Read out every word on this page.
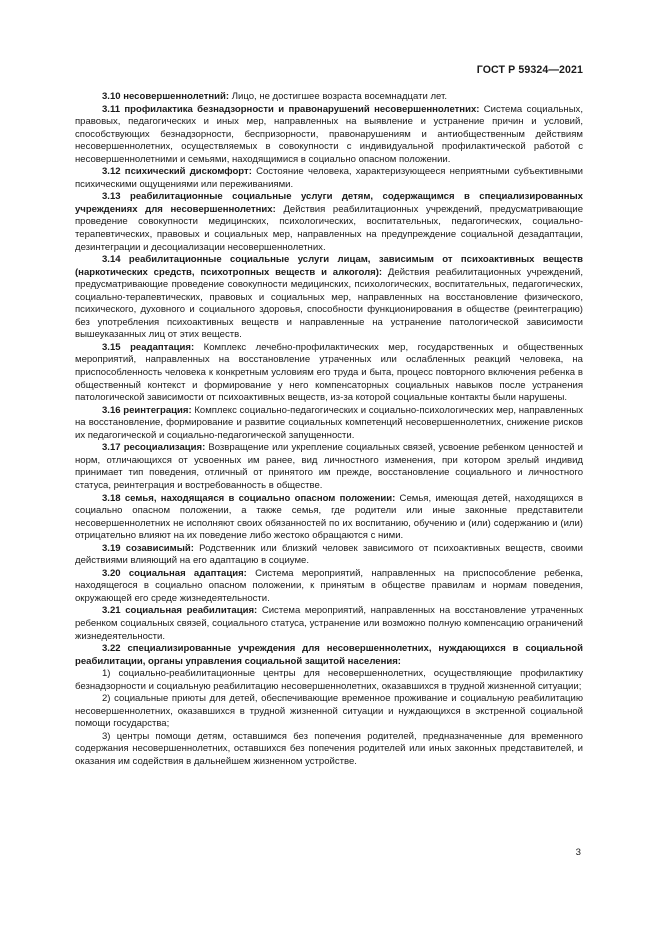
ГОСТ Р 59324—2021

3.10 несовершеннолетний: Лицо, не достигшее возраста восемнадцати лет.

3.11 профилактика безнадзорности и правонарушений несовершеннолетних: Система социальных, правовых, педагогических и иных мер, направленных на выявление и устранение причин и условий, способствующих безнадзорности, беспризорности, правонарушениям и антиобщественным действиям несовершеннолетних, осуществляемых в совокупности с индивидуальной профилактической работой с несовершеннолетними и семьями, находящимися в социально опасном положении.

3.12 психический дискомфорт: Состояние человека, характеризующееся неприятными субъективными психическими ощущениями или переживаниями.

3.13 реабилитационные социальные услуги детям, содержащимся в специализированных учреждениях для несовершеннолетних: Действия реабилитационных учреждений, предусматривающие проведение совокупности медицинских, психологических, воспитательных, педагогических, социально-терапевтических, правовых и социальных мер, направленных на предупреждение социальной дезадаптации, дезинтеграции и десоциализации несовершеннолетних.

3.14 реабилитационные социальные услуги лицам, зависимым от психоактивных веществ (наркотических средств, психотропных веществ и алкоголя): Действия реабилитационных учреждений, предусматривающие проведение совокупности медицинских, психологических, воспитательных, педагогических, социально-терапевтических, правовых и социальных мер, направленных на восстановление физического, психического, духовного и социального здоровья, способности функционирования в обществе (реинтеграцию) без употребления психоактивных веществ и направленные на устранение патологической зависимости вышеуказанных лиц от этих веществ.

3.15 реадаптация: Комплекс лечебно-профилактических мер, государственных и общественных мероприятий, направленных на восстановление утраченных или ослабленных реакций человека, на приспособленность человека к конкретным условиям его труда и быта, процесс повторного включения ребенка в общественный контекст и формирование у него компенсаторных социальных навыков после устранения патологической зависимости от психоактивных веществ, из-за которой социальные контакты были нарушены.

3.16 реинтеграция: Комплекс социально-педагогических и социально-психологических мер, направленных на восстановление, формирование и развитие социальных компетенций несовершеннолетних, снижение рисков их педагогической и социально-педагогической запущенности.

3.17 ресоциализация: Возвращение или укрепление социальных связей, усвоение ребенком ценностей и норм, отличающихся от усвоенных им ранее, вид личностного изменения, при котором зрелый индивид принимает тип поведения, отличный от принятого им прежде, восстановление социального и личностного статуса, реинтеграция и востребованность в обществе.

3.18 семья, находящаяся в социально опасном положении: Семья, имеющая детей, находящихся в социально опасном положении, а также семья, где родители или иные законные представители несовершеннолетних не исполняют своих обязанностей по их воспитанию, обучению и (или) содержанию и (или) отрицательно влияют на их поведение либо жестоко обращаются с ними.

3.19 созависимый: Родственник или близкий человек зависимого от психоактивных веществ, своими действиями влияющий на его адаптацию в социуме.

3.20 социальная адаптация: Система мероприятий, направленных на приспособление ребенка, находящегося в социально опасном положении, к принятым в обществе правилам и нормам поведения, окружающей его среде жизнедеятельности.

3.21 социальная реабилитация: Система мероприятий, направленных на восстановление утраченных ребенком социальных связей, социального статуса, устранение или возможно полную компенсацию ограничений жизнедеятельности.

3.22 специализированные учреждения для несовершеннолетних, нуждающихся в социальной реабилитации, органы управления социальной защитой населения:

1) социально-реабилитационные центры для несовершеннолетних, осуществляющие профилактику безнадзорности и социальную реабилитацию несовершеннолетних, оказавшихся в трудной жизненной ситуации;

2) социальные приюты для детей, обеспечивающие временное проживание и социальную реабилитацию несовершеннолетних, оказавшихся в трудной жизненной ситуации и нуждающихся в экстренной социальной помощи государства;

3) центры помощи детям, оставшимся без попечения родителей, предназначенные для временного содержания несовершеннолетних, оставшихся без попечения родителей или иных законных представителей, и оказания им содействия в дальнейшем жизненном устройстве.

3
